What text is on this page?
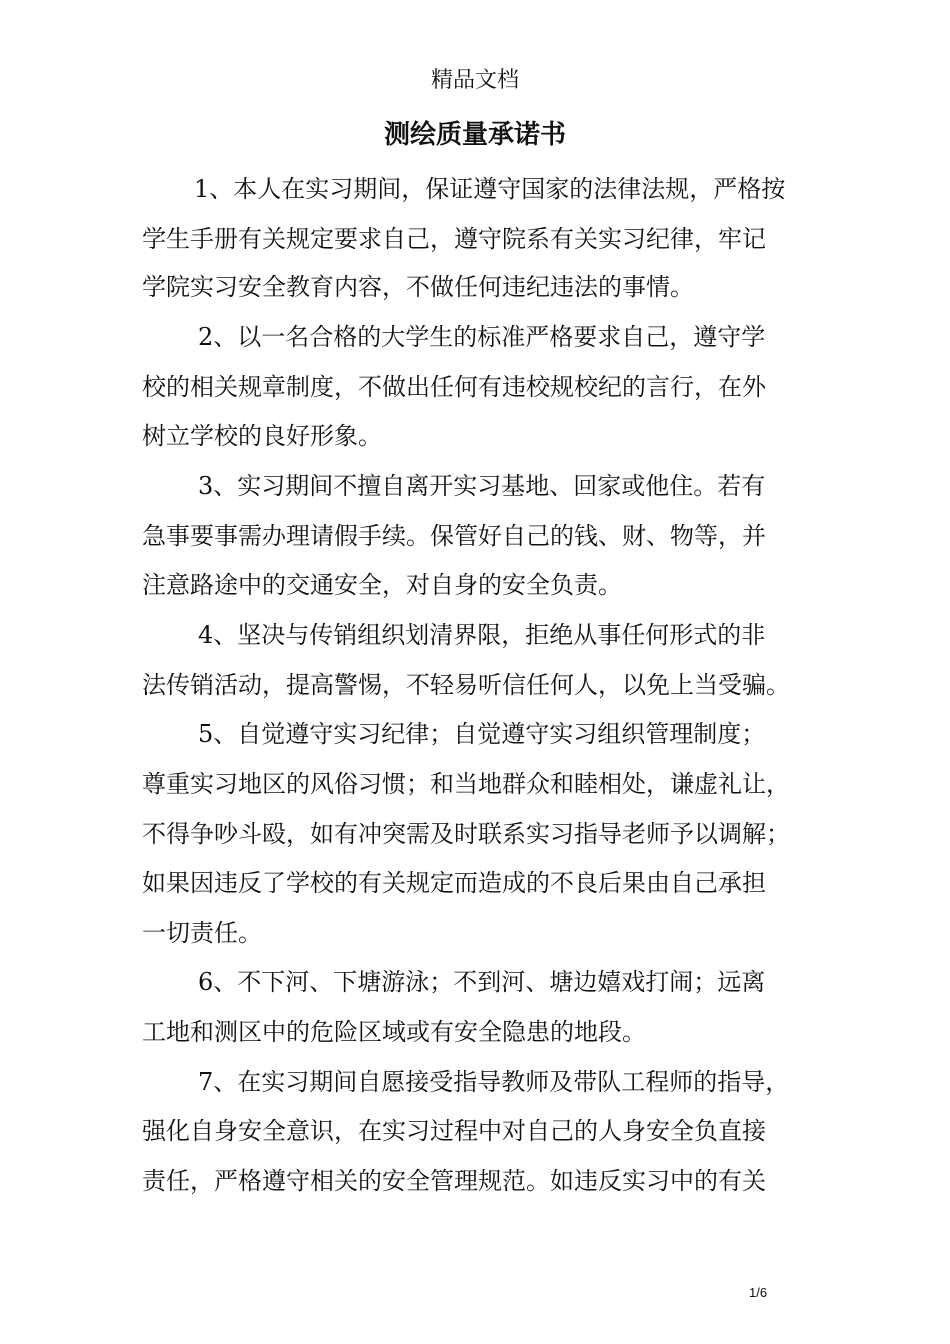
精品文档
测绘质量承诺书
1、本人在实习期间，保证遵守国家的法律法规，严格按
学生手册有关规定要求自己，遵守院系有关实习纪律，牢记
学院实习安全教育内容，不做任何违纪违法的事情。
2、以一名合格的大学生的标准严格要求自己，遵守学
校的相关规章制度，不做出任何有违校规校纪的言行，在外
树立学校的良好形象。
3、实习期间不擅自离开实习基地、回家或他住。若有
急事要事需办理请假手续。保管好自己的钱、财、物等，并
注意路途中的交通安全，对自身的安全负责。
4、坚决与传销组织划清界限，拒绝从事任何形式的非
法传销活动，提高警惕，不轻易听信任何人，以免上当受骗。
5、自觉遵守实习纪律；自觉遵守实习组织管理制度；
尊重实习地区的风俗习惯；和当地群众和睦相处，谦虚礼让，
不得争吵斗殴，如有冲突需及时联系实习指导老师予以调解；
如果因违反了学校的有关规定而造成的不良后果由自己承担
一切责任。
6、不下河、下塘游泳；不到河、塘边嬉戏打闹；远离
工地和测区中的危险区域或有安全隐患的地段。
7、在实习期间自愿接受指导教师及带队工程师的指导，
强化自身安全意识，在实习过程中对自己的人身安全负直接
责任，严格遵守相关的安全管理规范。如违反实习中的有关
1/6
